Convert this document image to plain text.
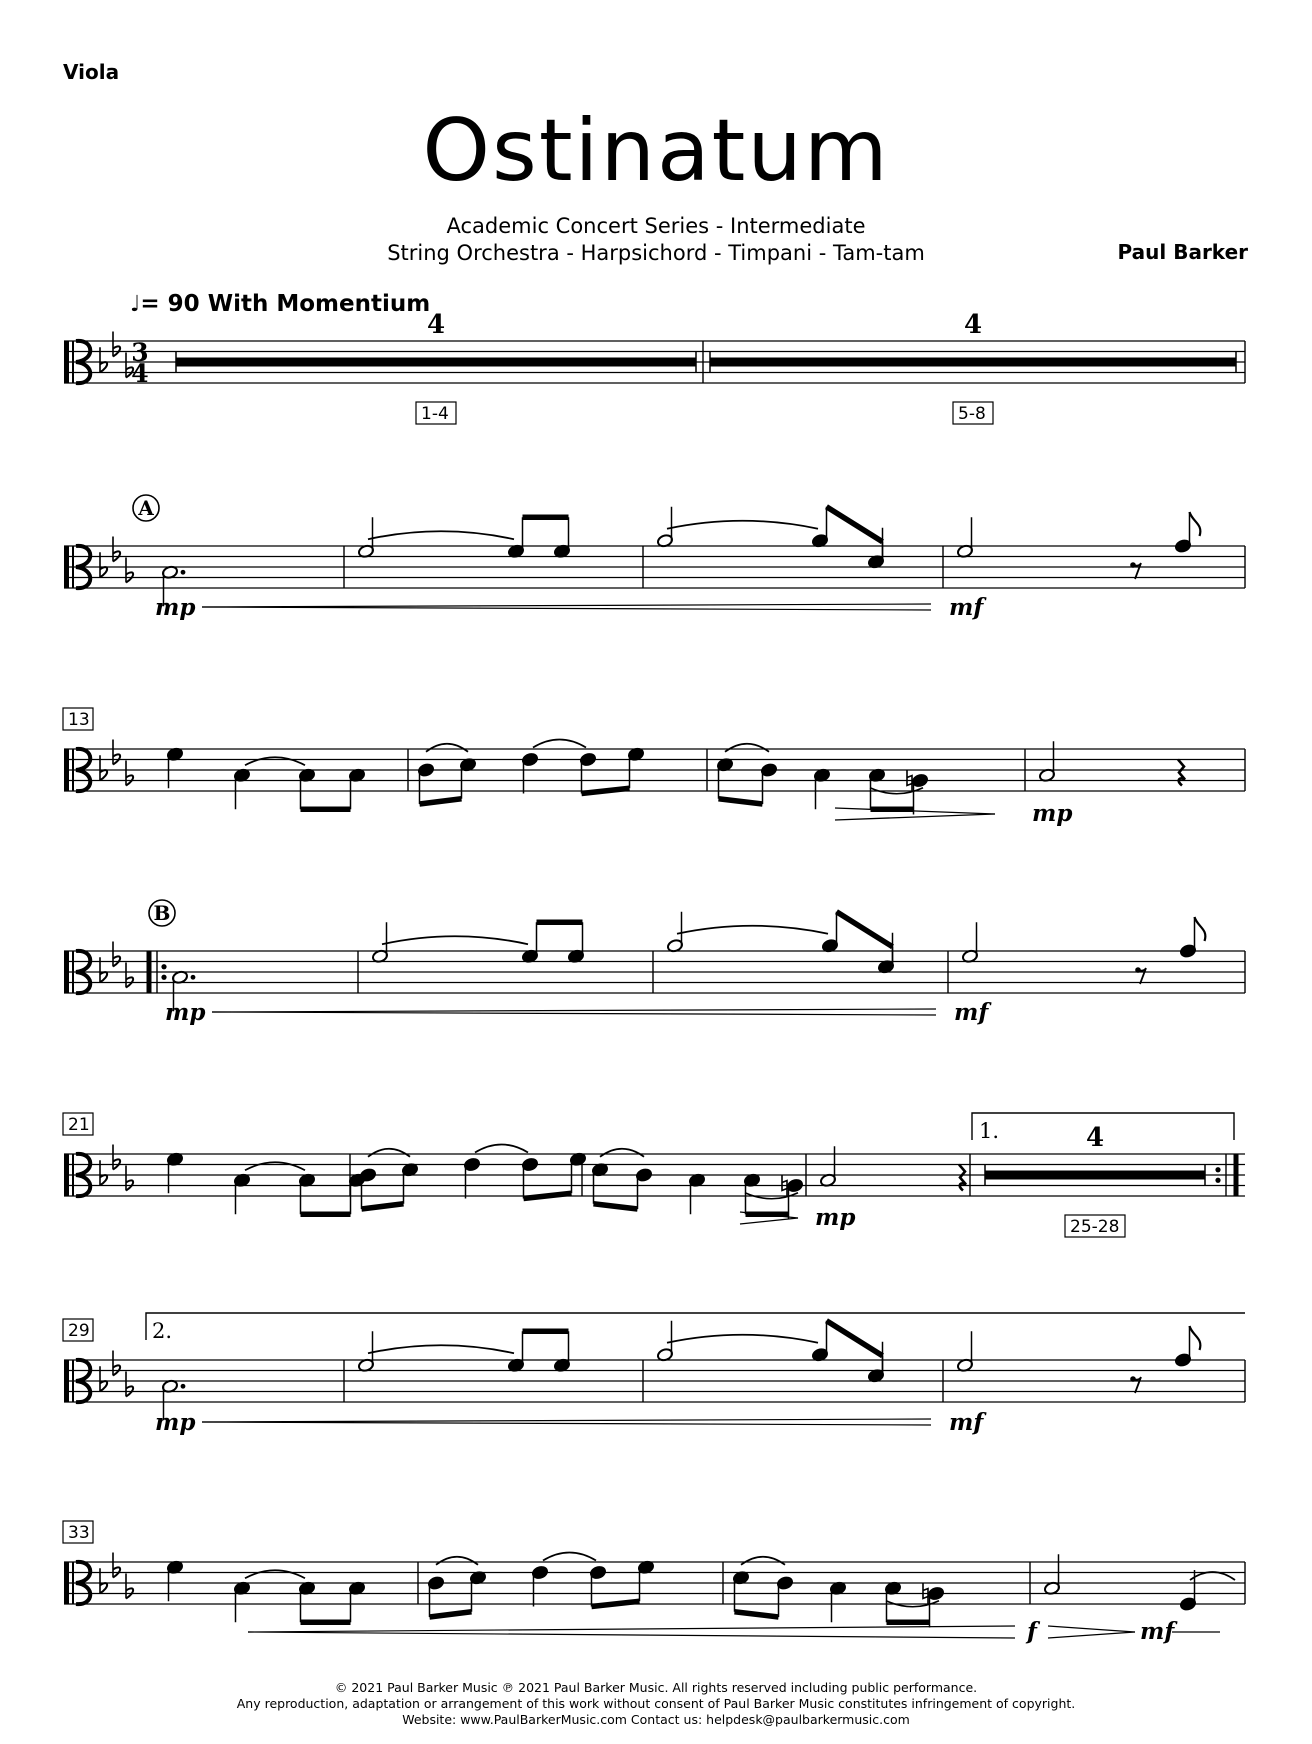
Viola
Ostinatum
Academic Concert Series - Intermediate
String Orchestra - Harpsichord - Timpani - Tam-tam	Paul Barker
♩= 90 With Momentium
3
4
4
1-4
4
5-8
A
mp	mf
13
mp
B
mp	mf
21
mp
1.	4
25-28
29	2.
mp	mf
33
f	mf
© 2021 Paul Barker Music ℗ 2021 Paul Barker Music. All rights reserved including public performance.
Any reproduction, adaptation or arrangement of this work without consent of Paul Barker Music constitutes infringement of copyright.
Website: www.PaulBarkerMusic.com Contact us: helpdesk@paulbarkermusic.com
